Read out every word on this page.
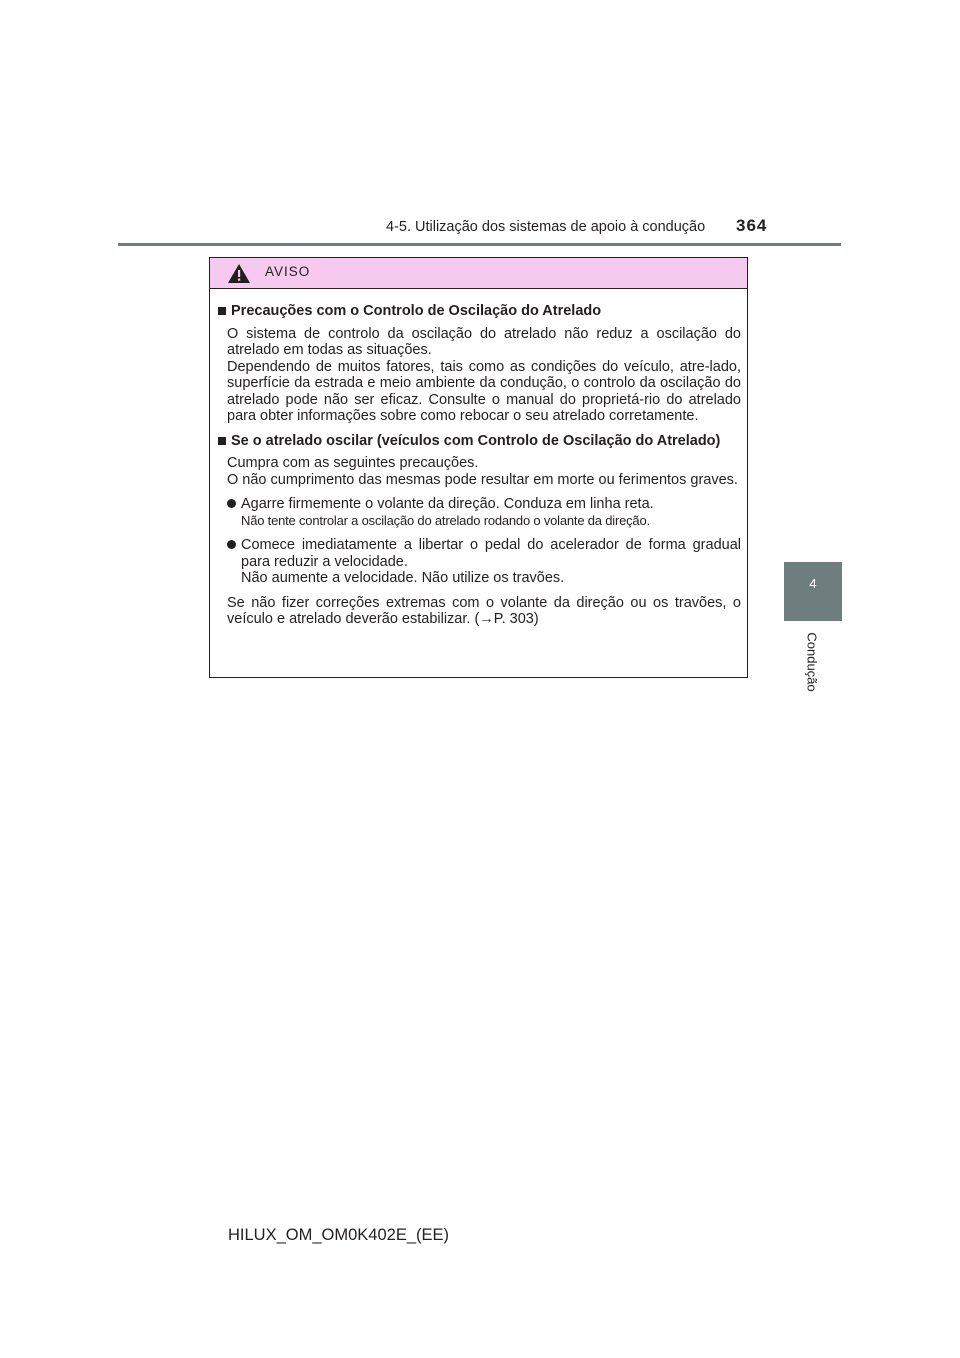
4-5. Utilização dos sistemas de apoio à condução 364
4
Condução
AVISO
Precauções com o Controlo de Oscilação do Atrelado
O sistema de controlo da oscilação do atrelado não reduz a oscilação do atrelado em todas as situações.
Dependendo de muitos fatores, tais como as condições do veículo, atre-lado, superfície da estrada e meio ambiente da condução, o controlo da oscilação do atrelado pode não ser eficaz. Consulte o manual do proprietá-rio do atrelado para obter informações sobre como rebocar o seu atrelado corretamente.
Se o atrelado oscilar (veículos com Controlo de Oscilação do Atrelado)
Cumpra com as seguintes precauções.
O não cumprimento das mesmas pode resultar em morte ou ferimentos graves.
Agarre firmemente o volante da direção. Conduza em linha reta.
Não tente controlar a oscilação do atrelado rodando o volante da direção.
Comece imediatamente a libertar o pedal do acelerador de forma gradual para reduzir a velocidade.
Não aumente a velocidade. Não utilize os travões.
Se não fizer correções extremas com o volante da direção ou os travões, o veículo e atrelado deverão estabilizar. (→P. 303)
HILUX_OM_OM0K402E_(EE)
